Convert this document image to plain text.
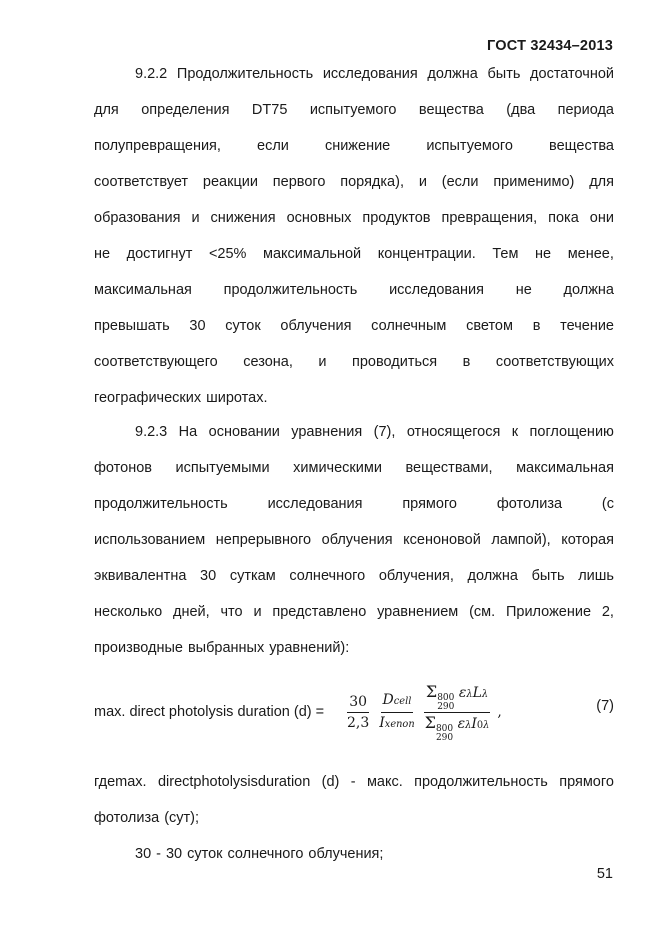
ГОСТ 32434–2013
9.2.2 Продолжительность исследования должна быть достаточной
для определения DT75 испытуемого вещества (два периода
полупревращения, если снижение испытуемого вещества
соответствует реакции первого порядка), и (если применимо) для
образования и снижения основных продуктов превращения, пока они
не достигнут <25% максимальной концентрации. Тем не менее,
максимальная продолжительность исследования не должна
превышать 30 суток облучения солнечным светом в течение
соответствующего сезона, и проводиться в соответствующих
географических широтах.
9.2.3 На основании уравнения (7), относящегося к поглощению
фотонов испытуемыми химическими веществами, максимальная
продолжительность	исследования	прямого	фотолиза	(с
использованием непрерывного облучения ксеноновой лампой), которая
эквивалентна 30 суткам солнечного облучения, должна быть лишь
несколько дней, что и представлено уравнением (см. Приложение 2,
производные выбранных уравнений):
max. direct photolysis duration $(d) = \frac{30}{2,3} \frac{\text{Dcell}}{\text{Ixenon}}$ Σ 800
290
ελLλ
Σ 800
290
ελI0λ ,	(7)
гдеmax. directphotolysisduration (d) - макс. продолжительность прямого
фотолиза (сут);
30 - 30 суток солнечного облучения;
51
